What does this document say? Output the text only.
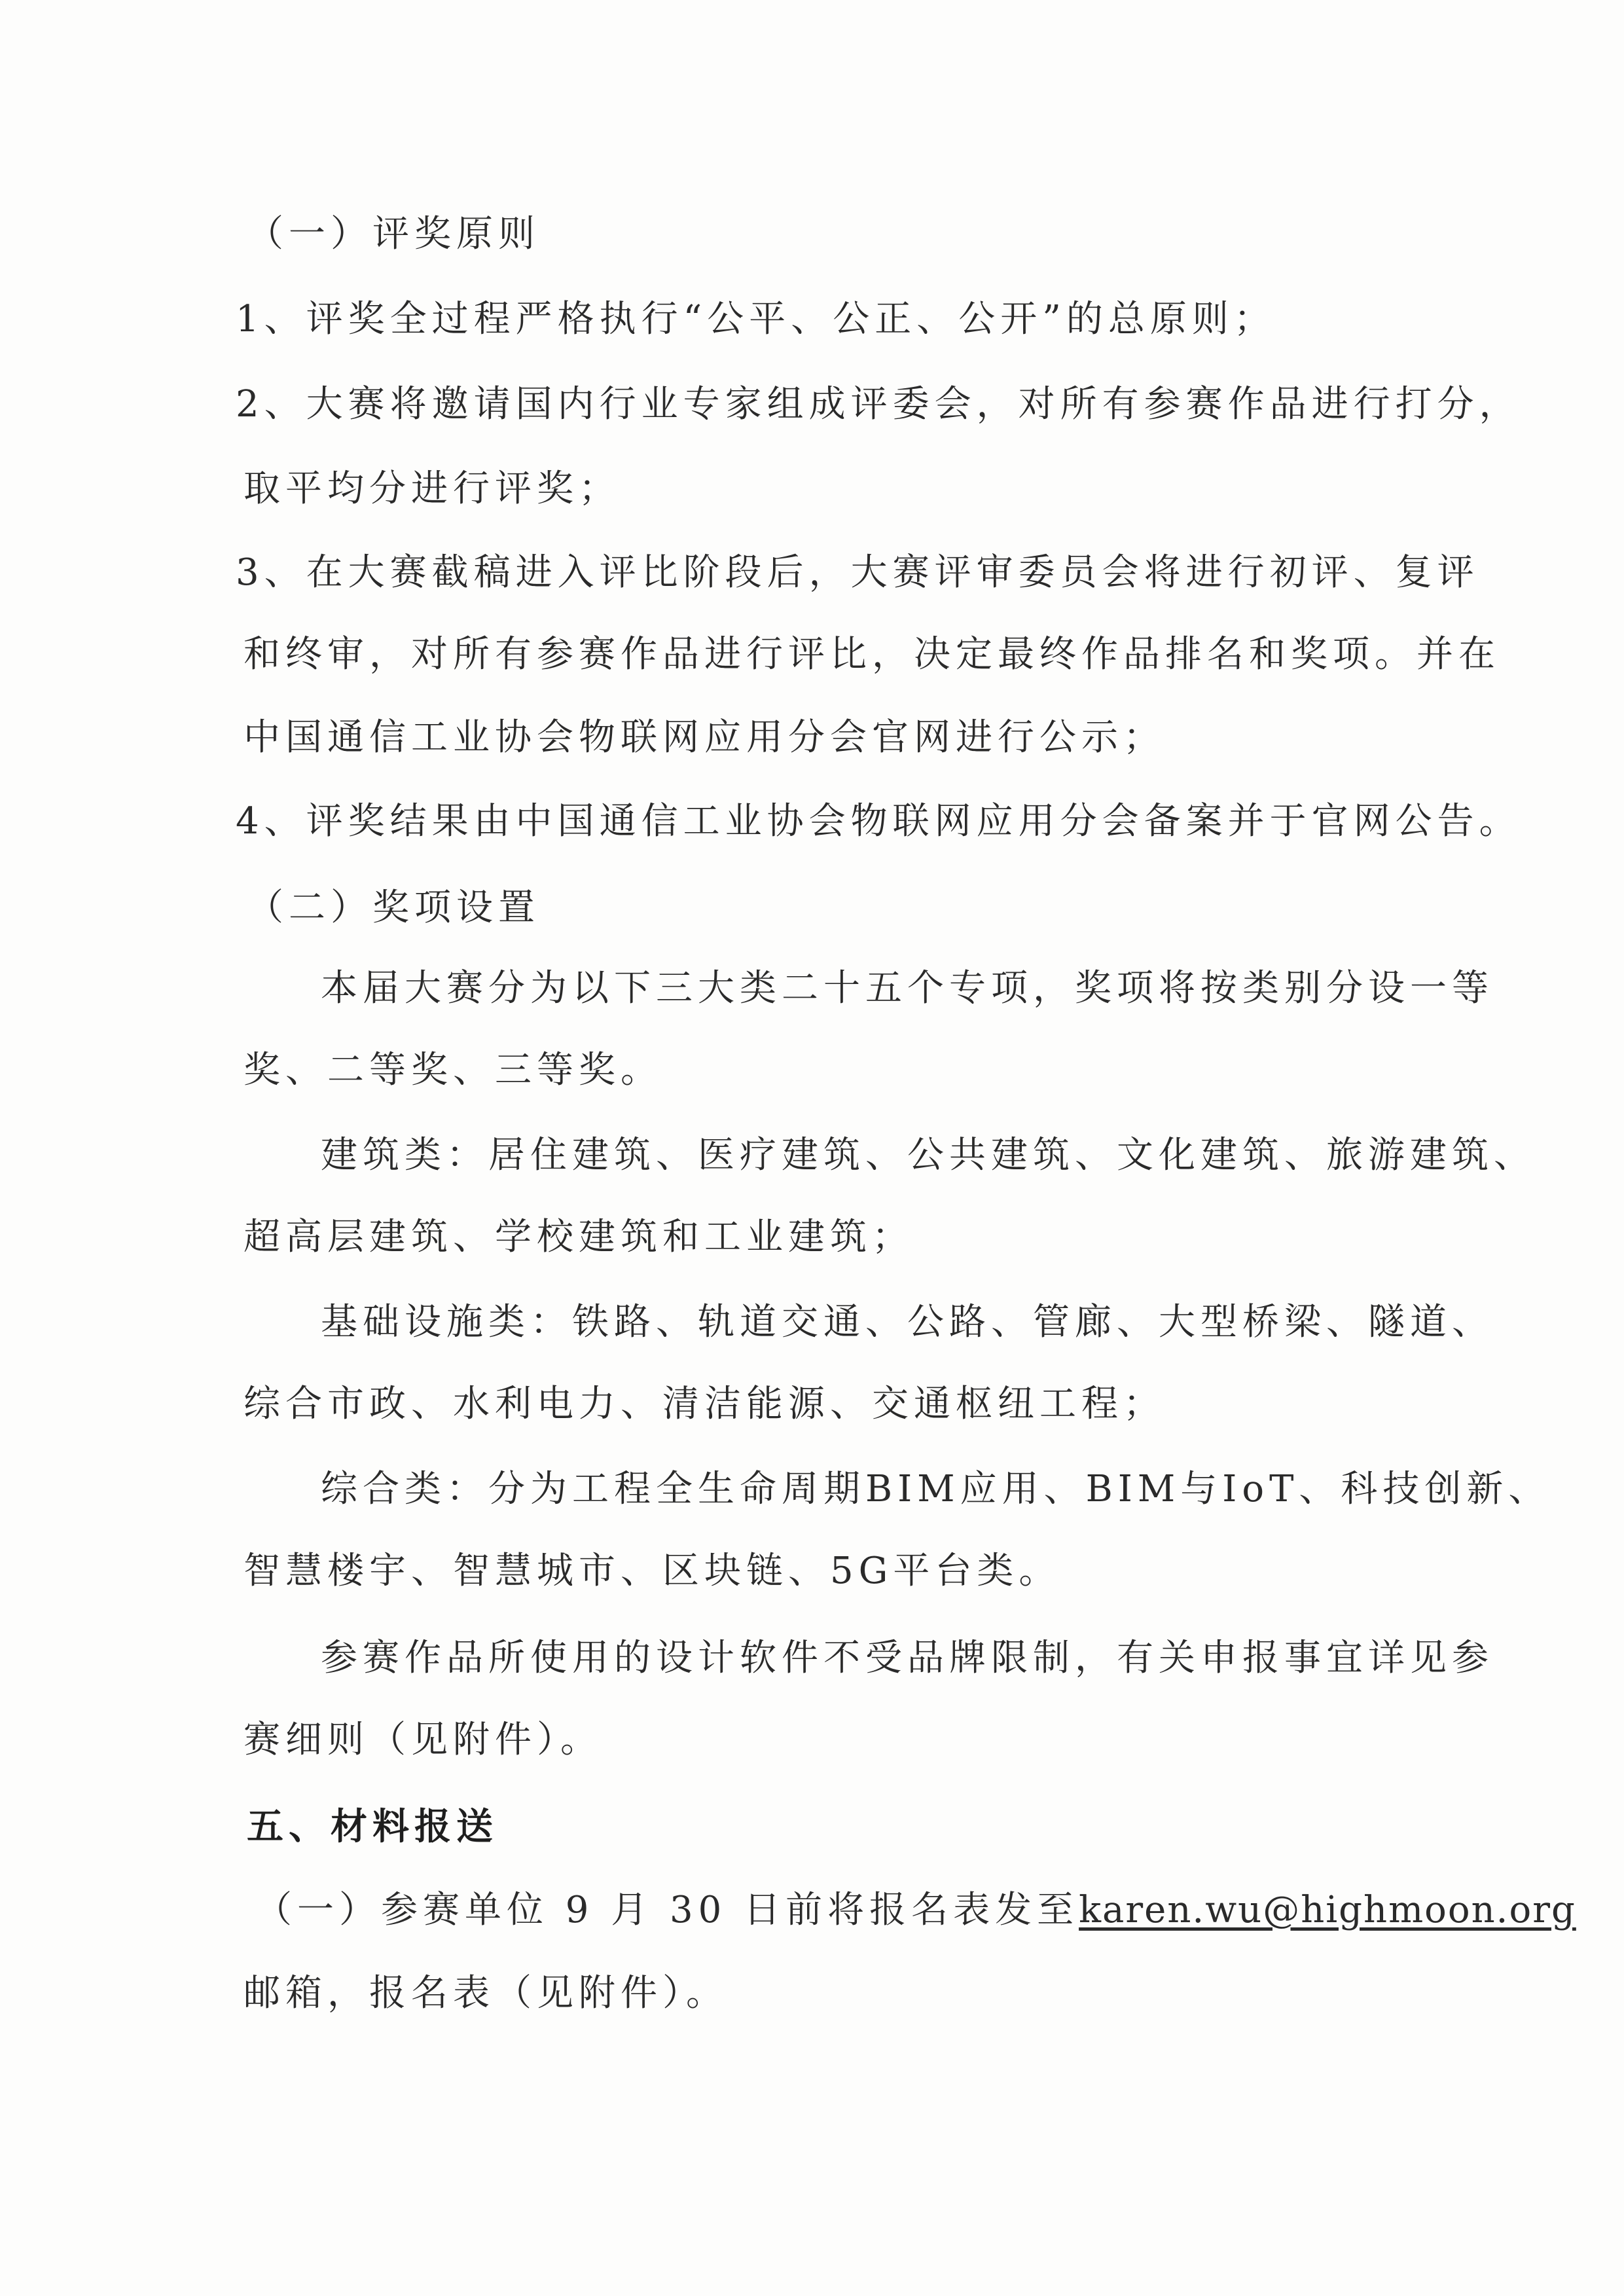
（一）评奖原则
1、评奖全过程严格执行“公平、公正、公开”的总原则；
2、大赛将邀请国内行业专家组成评委会，对所有参赛作品进行打分，
取平均分进行评奖；
3、在大赛截稿进入评比阶段后，大赛评审委员会将进行初评、复评
和终审，对所有参赛作品进行评比，决定最终作品排名和奖项。并在
中国通信工业协会物联网应用分会官网进行公示；
4、评奖结果由中国通信工业协会物联网应用分会备案并于官网公告。
（二）奖项设置
本届大赛分为以下三大类二十五个专项，奖项将按类别分设一等
奖、二等奖、三等奖。
建筑类：居住建筑、医疗建筑、公共建筑、文化建筑、旅游建筑、
超高层建筑、学校建筑和工业建筑；
基础设施类：铁路、轨道交通、公路、管廊、大型桥梁、隧道、
综合市政、水利电力、清洁能源、交通枢纽工程；
综合类：分为工程全生命周期BIM应用、BIM与IoT、科技创新、
智慧楼宇、智慧城市、区块链、5G平台类。
参赛作品所使用的设计软件不受品牌限制，有关申报事宜详见参
赛细则（见附件）。
五、材料报送
（一）参赛单位 9 月 30 日前将报名表发至karen.wu@highmoon.org
邮箱，报名表（见附件）。
